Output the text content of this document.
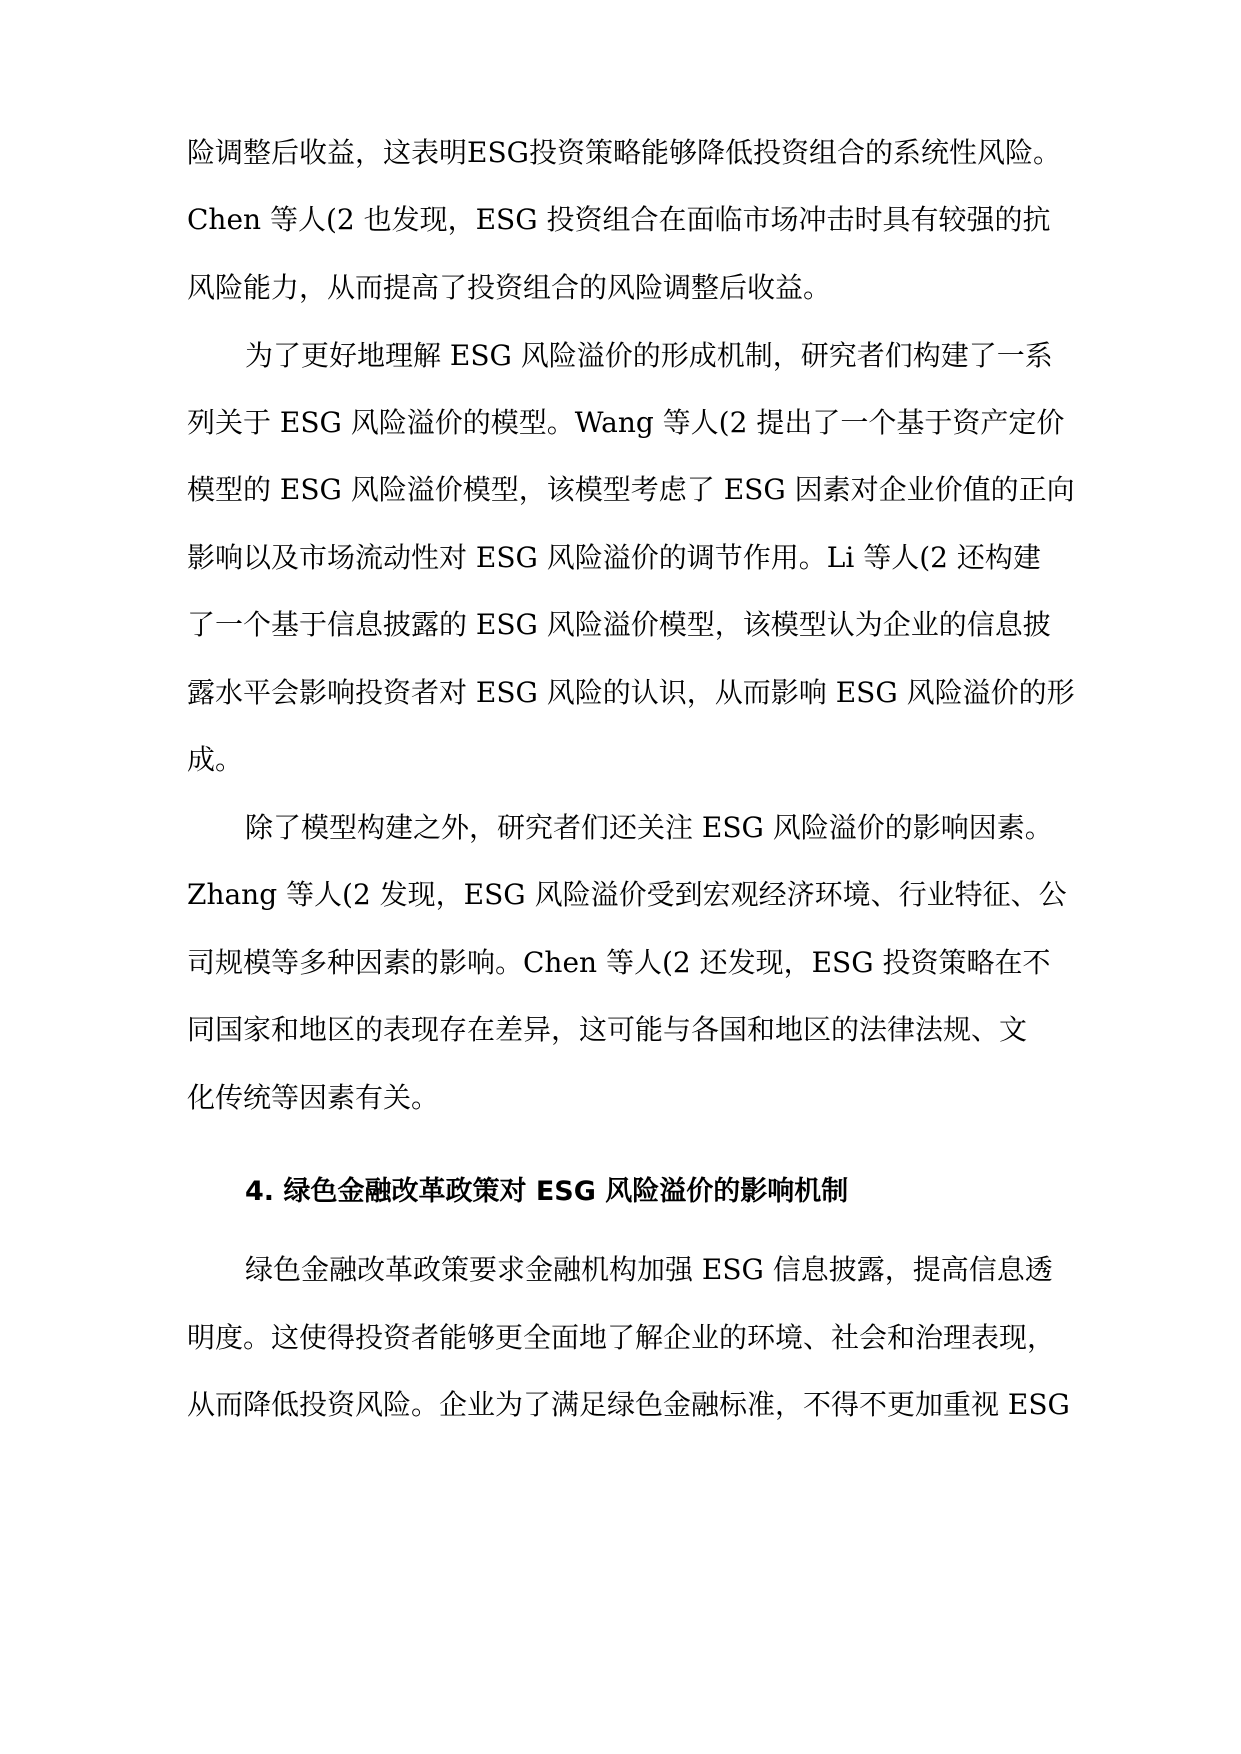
险调整后收益，这表明ESG投资策略能够降低投资组合的系统性风险。
Chen 等人(2 也发现，ESG 投资组合在面临市场冲击时具有较强的抗
风险能力，从而提高了投资组合的风险调整后收益。
为了更好地理解 ESG 风险溢价的形成机制，研究者们构建了一系
列关于 ESG 风险溢价的模型。Wang 等人(2 提出了一个基于资产定价
模型的 ESG 风险溢价模型，该模型考虑了 ESG 因素对企业价值的正向
影响以及市场流动性对 ESG 风险溢价的调节作用。Li 等人(2 还构建
了一个基于信息披露的 ESG 风险溢价模型，该模型认为企业的信息披
露水平会影响投资者对 ESG 风险的认识，从而影响 ESG 风险溢价的形
成。
除了模型构建之外，研究者们还关注 ESG 风险溢价的影响因素。
Zhang 等人(2 发现，ESG 风险溢价受到宏观经济环境、行业特征、公
司规模等多种因素的影响。Chen 等人(2 还发现，ESG 投资策略在不
同国家和地区的表现存在差异，这可能与各国和地区的法律法规、文
化传统等因素有关。
4. 绿色金融改革政策对 ESG 风险溢价的影响机制
绿色金融改革政策要求金融机构加强 ESG 信息披露，提高信息透
明度。这使得投资者能够更全面地了解企业的环境、社会和治理表现，
从而降低投资风险。企业为了满足绿色金融标准，不得不更加重视 ESG
